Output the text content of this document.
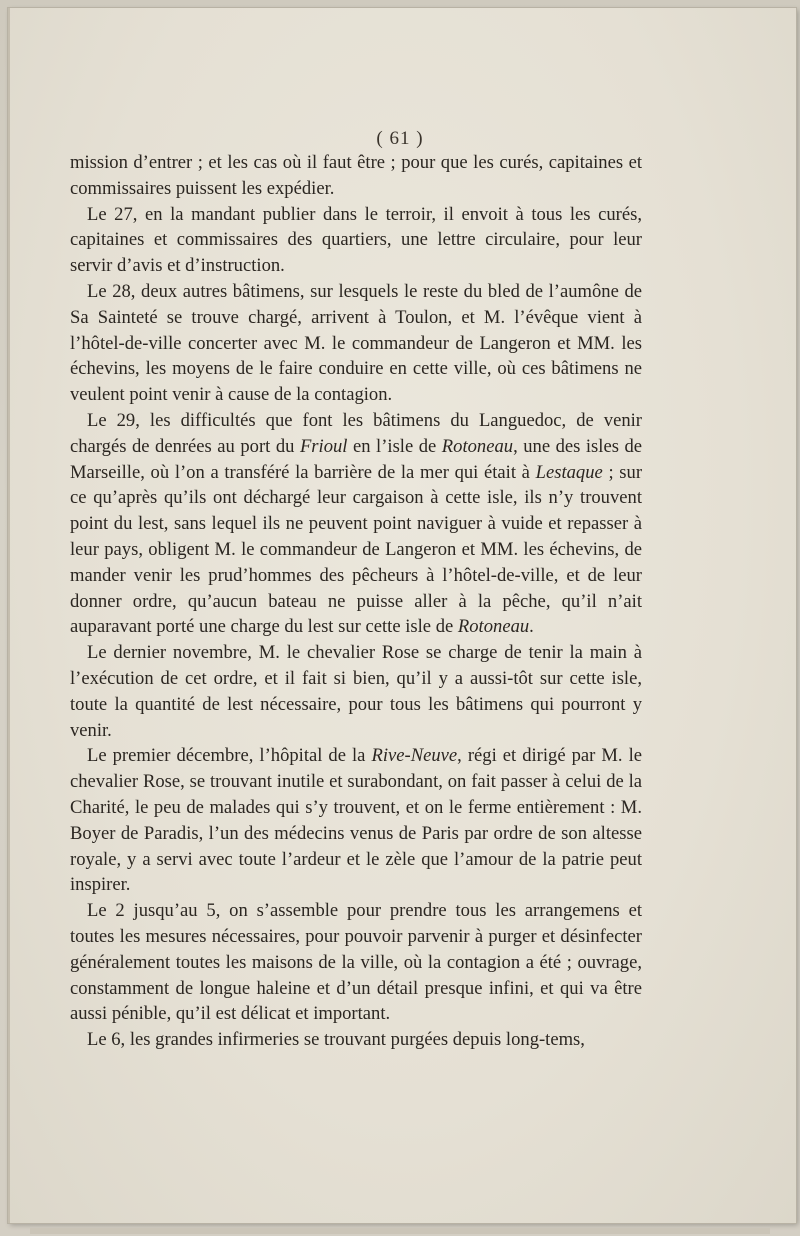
( 61 )

mission d’entrer ; et les cas où il faut être ; pour que les curés, capitaines et commissaires puissent les expédier.

Le 27, en la mandant publier dans le terroir, il envoit à tous les curés, capitaines et commissaires des quartiers, une lettre circulaire, pour leur servir d’avis et d’instruction.

Le 28, deux autres bâtimens, sur lesquels le reste du bled de l’aumône de Sa Sainteté se trouve chargé, arrivent à Toulon, et M. l’évêque vient à l’hôtel-de-ville concerter avec M. le commandeur de Langeron et MM. les échevins, les moyens de le faire conduire en cette ville, où ces bâtimens ne veulent point venir à cause de la contagion.

Le 29, les difficultés que font les bâtimens du Languedoc, de venir chargés de denrées au port du Frioul en l’isle de Rotoneau, une des isles de Marseille, où l’on a transféré la barrière de la mer qui était à Lestaque ; sur ce qu’après qu’ils ont déchargé leur cargaison à cette isle, ils n’y trouvent point du lest, sans lequel ils ne peuvent point naviguer à vuide et repasser à leur pays, obligent M. le commandeur de Langeron et MM. les échevins, de mander venir les prud’hommes des pêcheurs à l’hôtel-de-ville, et de leur donner ordre, qu’aucun bateau ne puisse aller à la pêche, qu’il n’ait auparavant porté une charge du lest sur cette isle de Rotoneau.

Le dernier novembre, M. le chevalier Rose se charge de tenir la main à l’exécution de cet ordre, et il fait si bien, qu’il y a aussi-tôt sur cette isle, toute la quantité de lest nécessaire, pour tous les bâtimens qui pourront y venir.

Le premier décembre, l’hôpital de la Rive-Neuve, régi et dirigé par M. le chevalier Rose, se trouvant inutile et surabondant, on fait passer à celui de la Charité, le peu de malades qui s’y trouvent, et on le ferme entièrement : M. Boyer de Paradis, l’un des médecins venus de Paris par ordre de son altesse royale, y a servi avec toute l’ardeur et le zèle que l’amour de la patrie peut inspirer.

Le 2 jusqu’au 5, on s’assemble pour prendre tous les arrangemens et toutes les mesures nécessaires, pour pouvoir parvenir à purger et désinfecter généralement toutes les maisons de la ville, où la contagion a été ; ouvrage, constamment de longue haleine et d’un détail presque infini, et qui va être aussi pénible, qu’il est délicat et important.

Le 6, les grandes infirmeries se trouvant purgées depuis long-tems,
